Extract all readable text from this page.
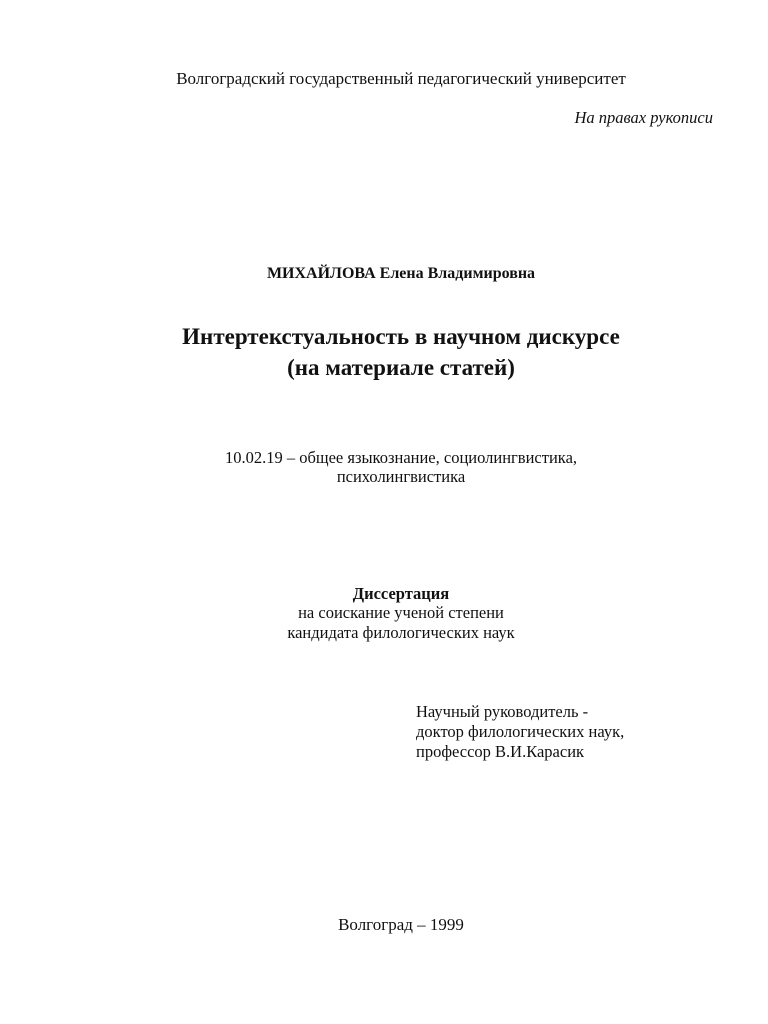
Волгоградский государственный педагогический университет
На правах рукописи
МИХАЙЛОВА Елена Владимировна
Интертекстуальность в научном дискурсе
(на материале статей)
10.02.19 – общее языкознание, социолингвистика,
психолингвистика
Диссертация
на соискание ученой степени
кандидата филологических наук
Научный руководитель -
доктор филологических наук,
профессор В.И.Карасик
Волгоград – 1999
